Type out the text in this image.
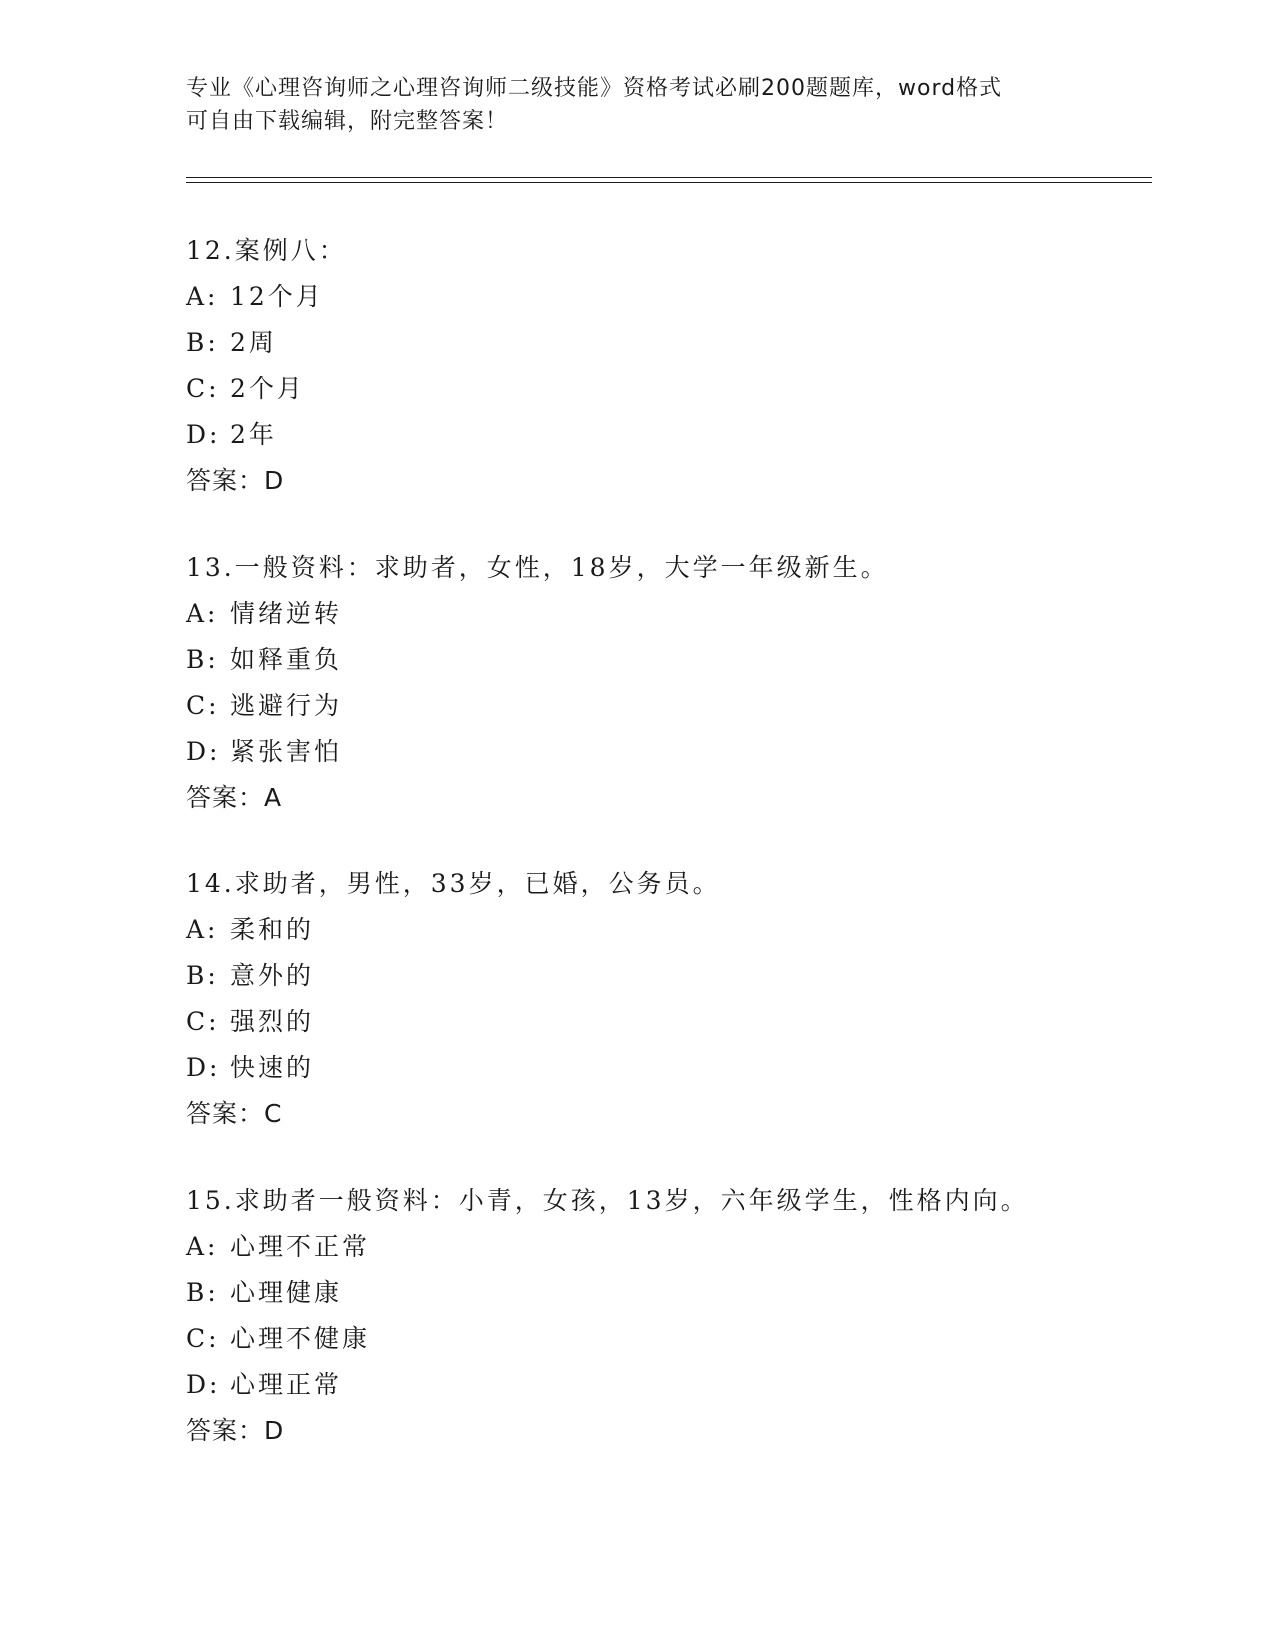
专业《心理咨询师之心理咨询师二级技能》资格考试必刷200题题库，word格式
可自由下载编辑，附完整答案！
12.案例八：
A: 12个月
B: 2周
C: 2个月
D: 2年
答案：D
13.一般资料：求助者，女性，18岁，大学一年级新生。
A: 情绪逆转
B: 如释重负
C: 逃避行为
D: 紧张害怕
答案：A
14.求助者，男性，33岁，已婚，公务员。
A: 柔和的
B: 意外的
C: 强烈的
D: 快速的
答案：C
15.求助者一般资料：小青，女孩，13岁，六年级学生，性格内向。
A: 心理不正常
B: 心理健康
C: 心理不健康
D: 心理正常
答案：D
